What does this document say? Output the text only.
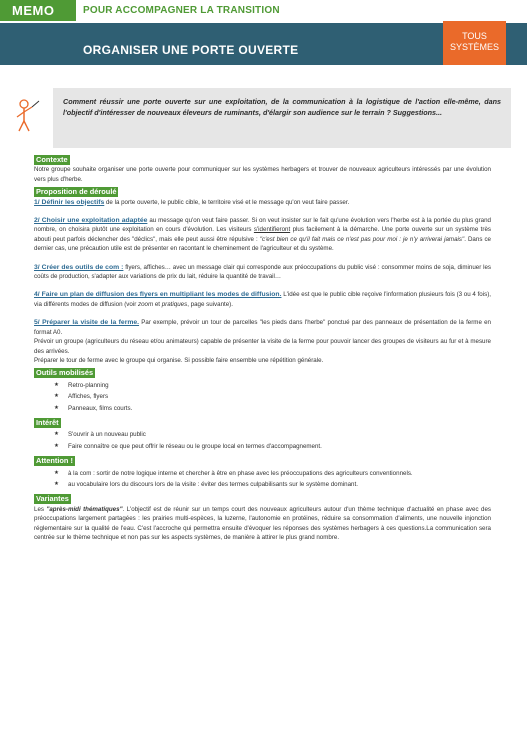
MEMO	POUR ACCOMPAGNER LA TRANSITION
ORGANISER UNE PORTE OUVERTE
TOUS
SYSTÈMES
Comment réussir une porte ouverte sur une exploitation, de la communication à la logistique de l'action elle-même, dans l'objectif d'intéresser de nouveaux éleveurs de ruminants, d'élargir son audience sur le terrain ? Suggestions...
Contexte

Notre groupe souhaite organiser une porte ouverte pour communiquer sur les systèmes herbagers et trouver de nouveaux agriculteurs intéressés par une évolution vers plus d'herbe.

Proposition de déroulé

1/ Définir les objectifs de la porte ouverte, le public cible, le territoire visé et le message qu'on veut faire passer.

2/ Choisir une exploitation adaptée au message qu'on veut faire passer. Si on veut insister sur le fait qu'une évolution vers l'herbe est à la portée du plus grand nombre, on choisira plutôt une exploitation en cours d'évolution. Les visiteurs s'identifieront plus facilement à la démarche. Une porte ouverte sur un système très abouti peut parfois déclencher des "déclics", mais elle peut aussi être répulsive : "c'est bien ce qu'il fait mais ce n'est pas pour moi : je n'y arriverai jamais". Dans ce dernier cas, une précaution utile est de présenter en racontant le cheminement de l'agriculteur et du système.

3/ Créer des outils de com : flyers, affiches… avec un message clair qui corresponde aux préoccupations du public visé : consommer moins de soja, diminuer les coûts de production, s'adapter aux variations de prix du lait, réduire la quantité de travail…

4/ Faire un plan de diffusion des flyers en multipliant les modes de diffusion. L'idée est que le public cible reçoive l'information plusieurs fois (3 ou 4 fois), via différents modes de diffusion (voir zoom et pratiques, page suivante).

5/ Préparer la visite de la ferme. Par exemple, prévoir un tour de parcelles "les pieds dans l'herbe" ponctué par des panneaux de présentation de la ferme en format A0.

Prévoir un groupe (agriculteurs du réseau et/ou animateurs) capable de présenter la visite de la ferme pour pouvoir lancer des groupes de visiteurs au fur et à mesure des arrivées.

Préparer le tour de ferme avec le groupe qui organise. Si possible faire ensemble une répétition générale.

Outils mobilisés
★ Retro-planning
★ Affiches, flyers
★ Panneaux, films courts.
Intérêt
★ S'ouvrir à un nouveau public
★ Faire connaître ce que peut offrir le réseau ou le groupe local en termes d'accompagnement.
Attention !
★ à la com : sortir de notre logique interne et chercher à être en phase avec les préoccupations des agriculteurs conventionnels.
★ au vocabulaire lors du discours lors de la visite : éviter des termes culpabilisants sur le système dominant.
Variantes

Les "après-midi thématiques". L'objectif est de réunir sur un temps court des nouveaux agriculteurs autour d'un thème technique d'actualité en phase avec des préoccupations largement partagées : les prairies multi-espèces, la luzerne, l'autonomie en protéines, réduire sa consommation d'aliments, une nouvelle injonction réglementaire sur la qualité de l'eau. C'est l'accroche qui permettra ensuite d'évoquer les réponses des systèmes herbagers à ces questions.La communication sera centrée sur le thème technique et non pas sur les aspects systèmes, de manière à attirer le plus grand nombre.
